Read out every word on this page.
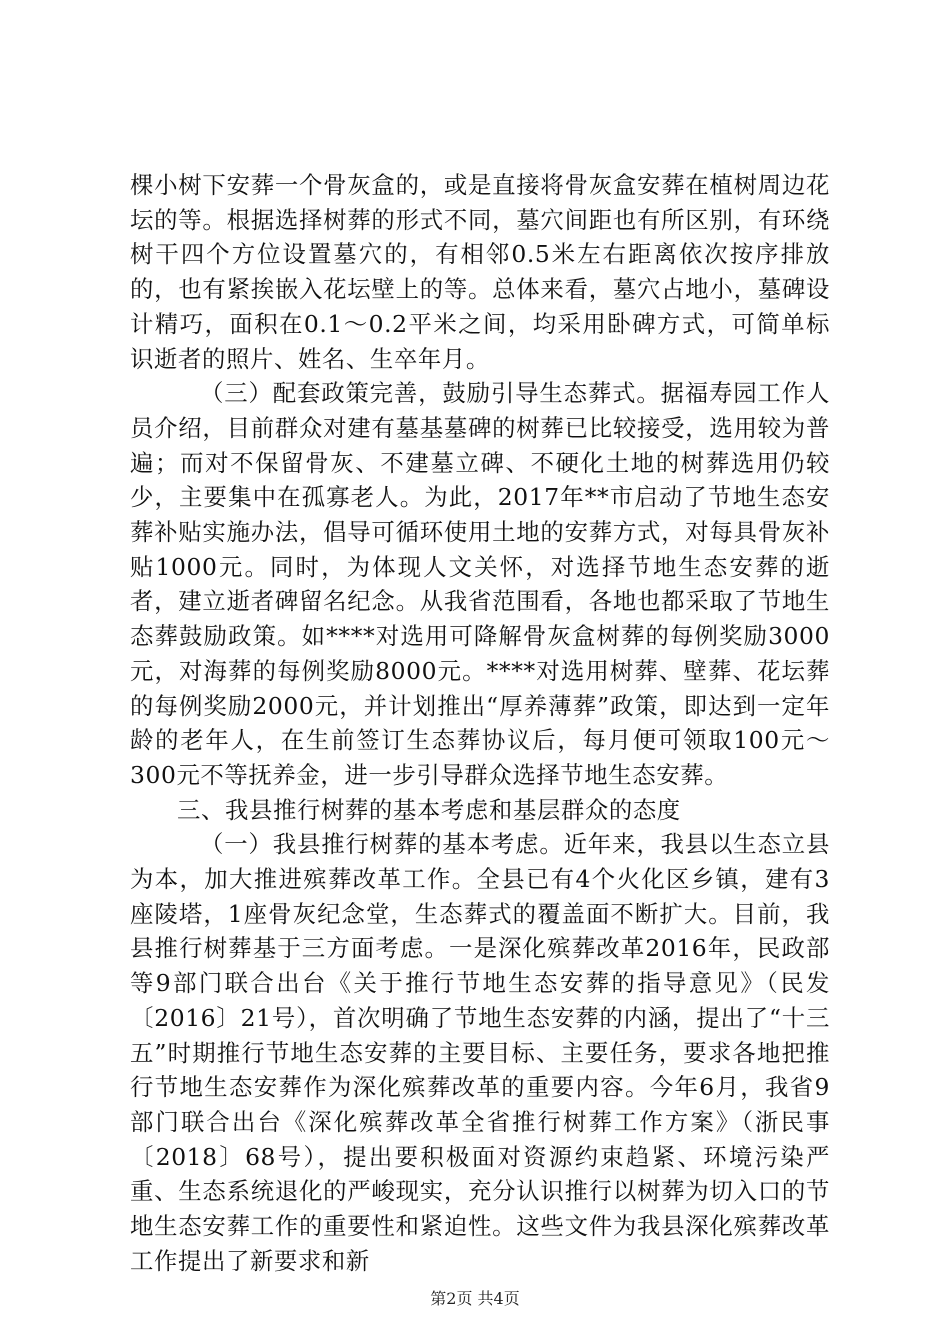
棵小树下安葬一个骨灰盒的，或是直接将骨灰盒安葬在植树周边花坛的等。根据选择树葬的形式不同，墓穴间距也有所区别，有环绕树干四个方位设置墓穴的，有相邻0.5米左右距离依次按序排放的，也有紧挨嵌入花坛壁上的等。总体来看，墓穴占地小，墓碑设计精巧，面积在0.1～0.2平米之间，均采用卧碑方式，可简单标识逝者的照片、姓名、生卒年月。

（三）配套政策完善，鼓励引导生态葬式。据福寿园工作人员介绍，目前群众对建有墓基墓碑的树葬已比较接受，选用较为普遍；而对不保留骨灰、不建墓立碑、不硬化土地的树葬选用仍较少，主要集中在孤寡老人。为此，2017年**市启动了节地生态安葬补贴实施办法，倡导可循环使用土地的安葬方式，对每具骨灰补贴1000元。同时，为体现人文关怀，对选择节地生态安葬的逝者，建立逝者碑留名纪念。从我省范围看，各地也都采取了节地生态葬鼓励政策。如****对选用可降解骨灰盒树葬的每例奖励3000元，对海葬的每例奖励8000元。****对选用树葬、壁葬、花坛葬的每例奖励2000元，并计划推出“厚养薄葬”政策，即达到一定年龄的老年人，在生前签订生态葬协议后，每月便可领取100元～300元不等抚养金，进一步引导群众选择节地生态安葬。

三、我县推行树葬的基本考虑和基层群众的态度

（一）我县推行树葬的基本考虑。近年来，我县以生态立县为本，加大推进殡葬改革工作。全县已有4个火化区乡镇，建有3座陵塔，1座骨灰纪念堂，生态葬式的覆盖面不断扩大。目前，我县推行树葬基于三方面考虑。一是深化殡葬改革2016年，民政部等9部门联合出台《关于推行节地生态安葬的指导意见》（民发〔2016〕21号），首次明确了节地生态安葬的内涵，提出了“十三五”时期推行节地生态安葬的主要目标、主要任务，要求各地把推行节地生态安葬作为深化殡葬改革的重要内容。今年6月，我省9部门联合出台《深化殡葬改革全省推行树葬工作方案》（浙民事〔2018〕68号），提出要积极面对资源约束趋紧、环境污染严重、生态系统退化的严峻现实，充分认识推行以树葬为切入口的节地生态安葬工作的重要性和紧迫性。这些文件为我县深化殡葬改革工作提出了新要求和新

第2页 共4页
